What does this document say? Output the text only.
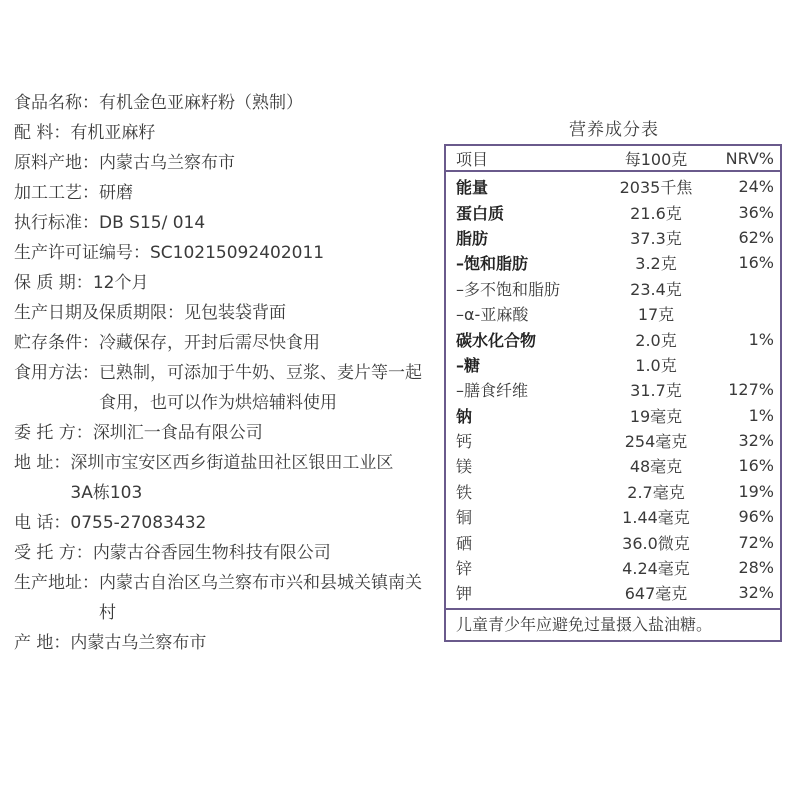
食品名称： 有机金色亚麻籽粉（熟制）
配 料： 有机亚麻籽
原料产地： 内蒙古乌兰察布市
加工工艺： 研磨
执行标准： DB S15/ 014
生产许可证编号： SC10215092402011
保 质 期： 12个月
生产日期及保质期限： 见包装袋背面
贮存条件： 冷藏保存，开封后需尽快食用
食用方法： 已熟制，可添加于牛奶、豆浆、麦片等一起食用，也可以作为烘焙辅料使用
委 托 方： 深圳汇一食品有限公司
地 址： 深圳市宝安区西乡街道盐田社区银田工业区3A栋103
电 话： 0755-27083432
受 托 方： 内蒙古谷香园生物科技有限公司
生产地址： 内蒙古自治区乌兰察布市兴和县城关镇南关村
产 地： 内蒙古乌兰察布市
营养成分表
项目	每100克	NRV%
能量	2035千焦	24%
蛋白质	21.6克	36%
脂肪	37.3克	62%
–饱和脂肪	3.2克	16%
–多不饱和脂肪	23.4克
–α-亚麻酸	17克
碳水化合物	2.0克	1%
–糖	1.0克
–膳食纤维	31.7克	127%
钠	19毫克	1%
钙	254毫克	32%
镁	48毫克	16%
铁	2.7毫克	19%
铜	1.44毫克	96%
硒	36.0微克	72%
锌	4.24毫克	28%
钾	647毫克	32%
儿童青少年应避免过量摄入盐油糖。
